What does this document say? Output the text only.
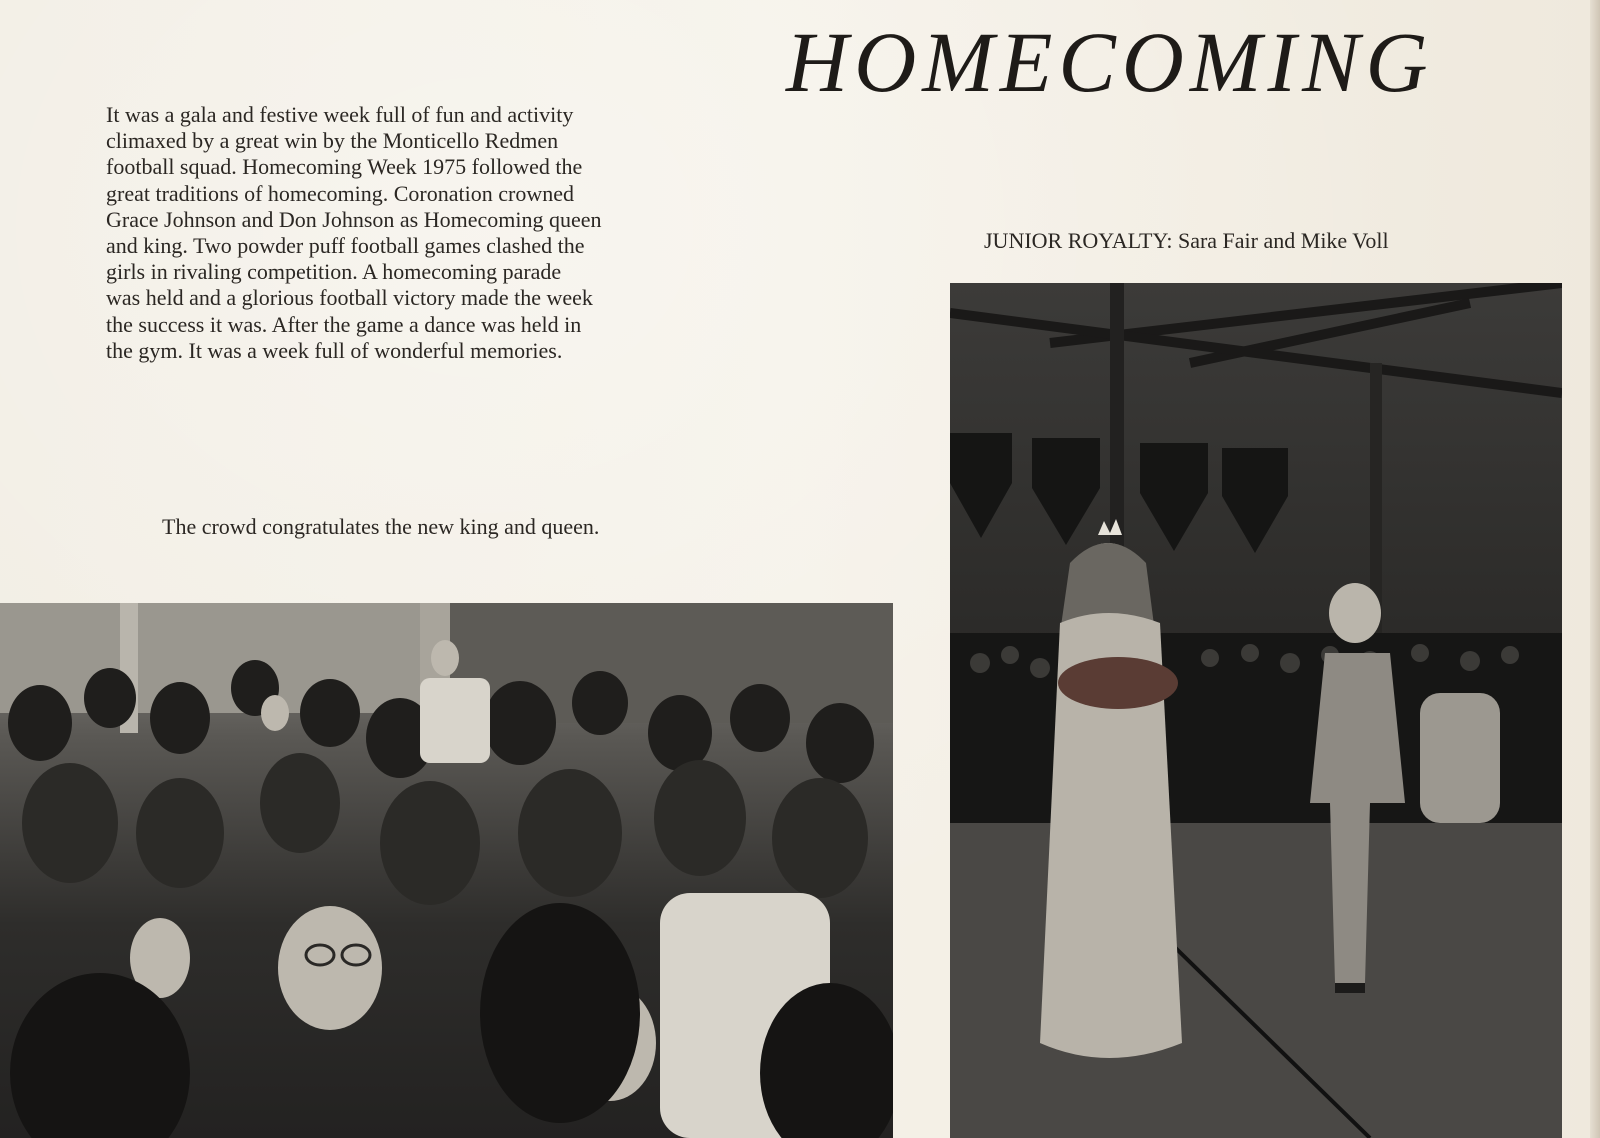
HOMECOMING

It was a gala and festive week full of fun and activity
climaxed by a great win by the Monticello Redmen
football squad. Homecoming Week 1975 followed the
great traditions of homecoming. Coronation crowned
Grace Johnson and Don Johnson as Homecoming queen
and king. Two powder puff football games clashed the
girls in rivaling competition. A homecoming parade
was held and a glorious football victory made the week
the success it was. After the game a dance was held in
the gym. It was a week full of wonderful memories.

JUNIOR ROYALTY: Sara Fair and Mike Voll
The crowd congratulates the new king and queen.
